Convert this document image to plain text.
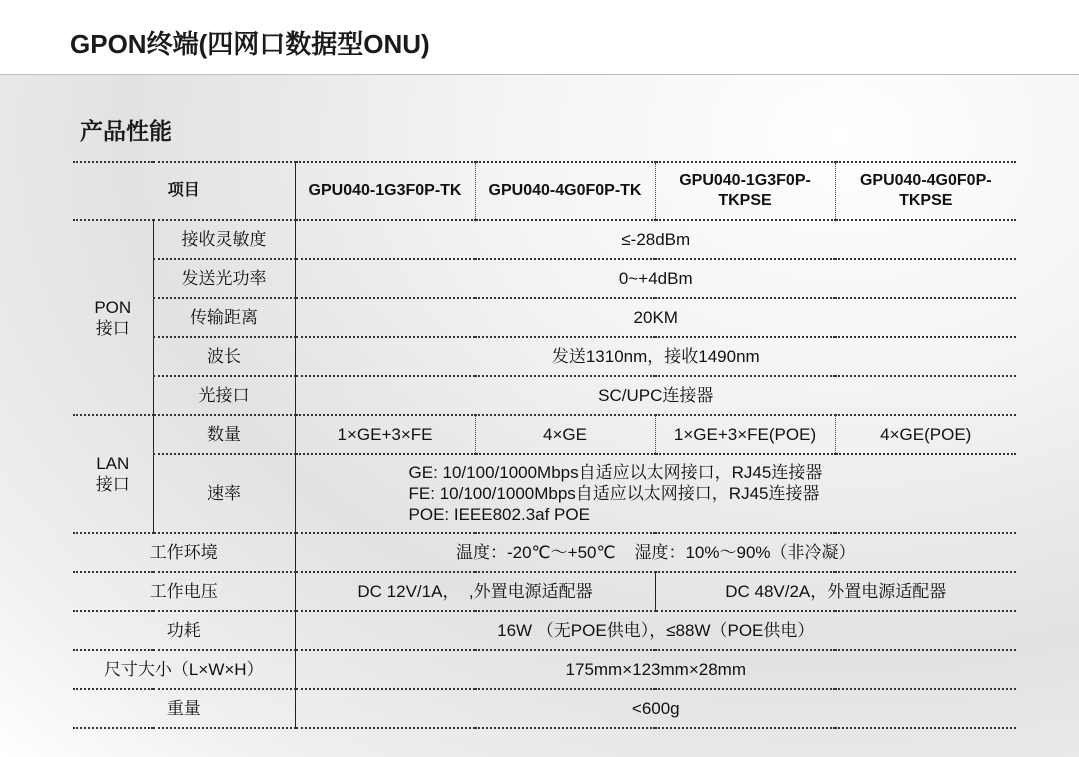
GPON终端(四网口数据型ONU)
产品性能
项目		GPU040-1G3F0P-TK	GPU040-4G0F0P-TK	GPU040-1G3F0P-TKPSE	GPU040-4G0F0P-TKPSE
PON接口	接收灵敏度	≤-28dBm			
	发送光功率	0~+4dBm			
	传输距离	20KM			
	波长	发送1310nm，接收1490nm			
	光接口	SC/UPC连接器			
LAN接口	数量	1×GE+3×FE	4×GE	1×GE+3×FE(POE)	4×GE(POE)
	速率	GE: 10/100/1000Mbps自适应以太网接口，RJ45连接器
FE: 10/100/1000Mbps自适应以太网接口，RJ45连接器
POE: IEEE802.3af POE			

工作环境		温度：-20℃～+50℃    湿度：10%～90%（非冷凝）			
工作电压		DC 12V/1A，  ,外置电源适配器		DC 48V/2A，外置电源适配器	
功耗		16W （无POE供电），≤88W（POE供电）			
尺寸大小（L×W×H）		175mm×123mm×28mm			
重量		<600g			
